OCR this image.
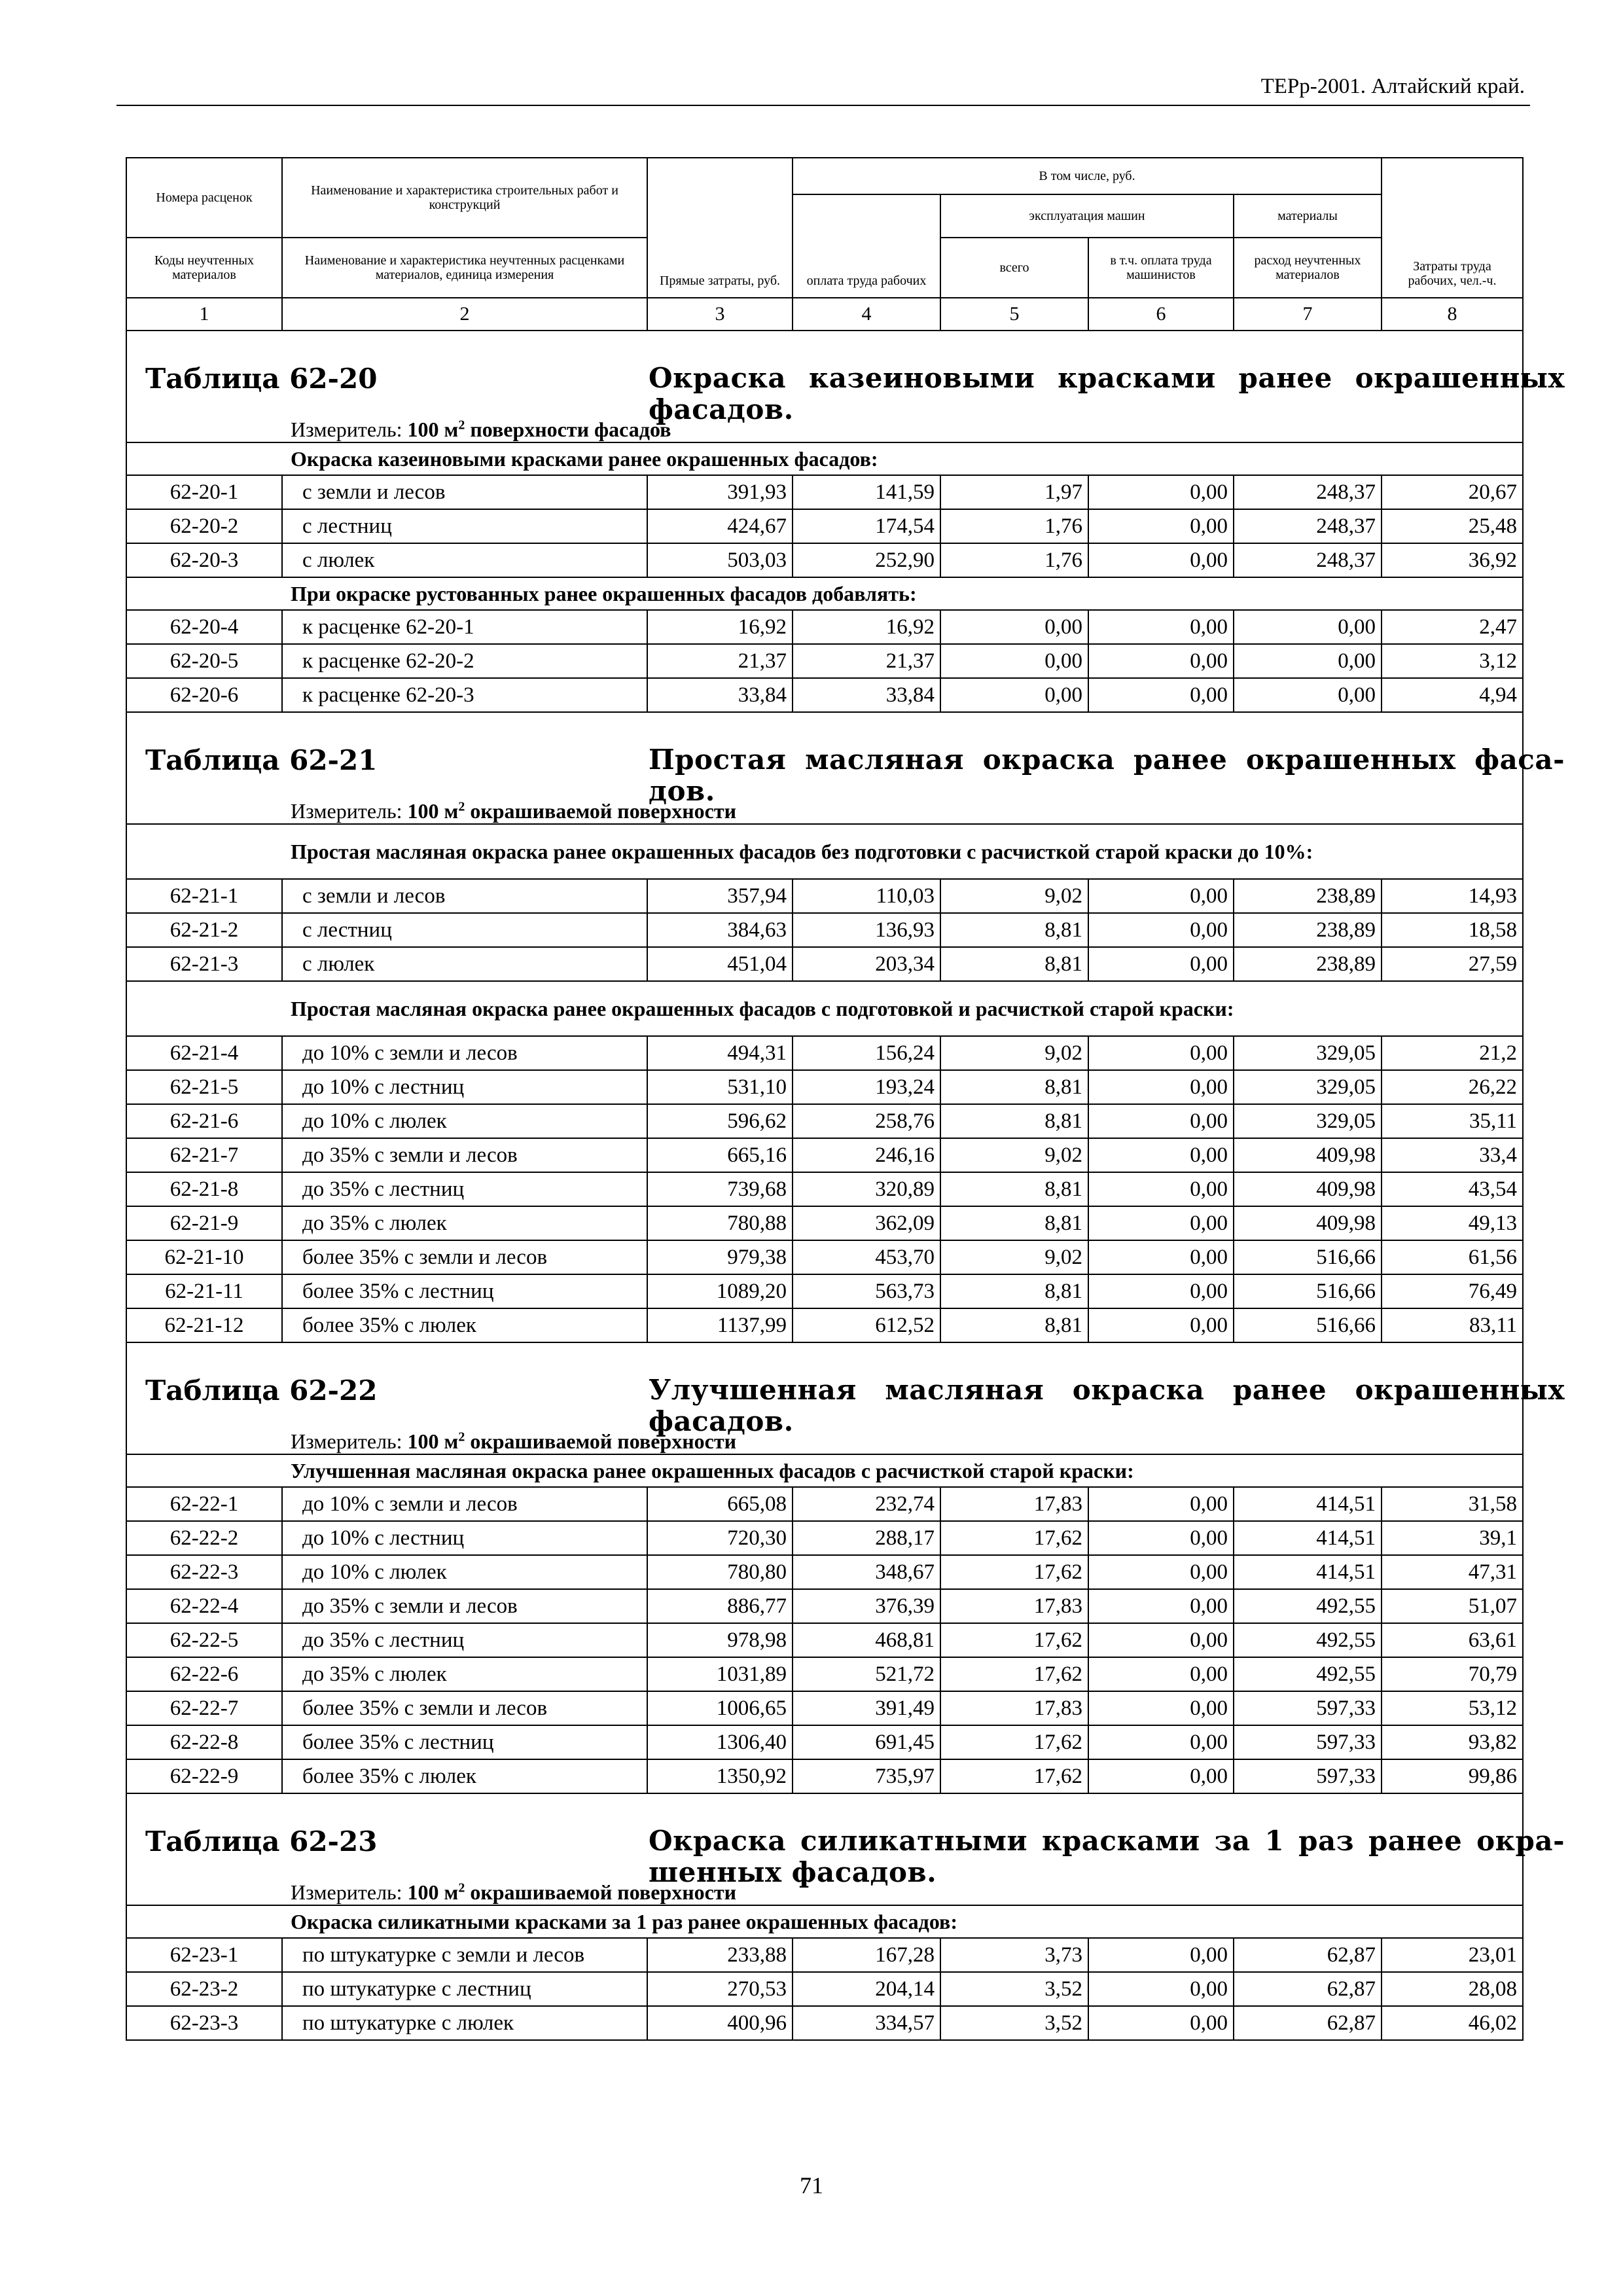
ТЕРр-2001. Алтайский край.
Номера расценок	Наименование и характеристика строительных работ и конструкций	Прямые затраты, руб.	В том числе, руб.				Затраты труда рабочих, чел.-ч.
			оплата труда рабочих	эксплуатация машин		материалы	
Коды неучтенных материалов	Наименование и характеристика неучтенных расценками материалов, единица измерения			всего	в т.ч. оплата труда машинистов	расход неучтенных материалов	
1	2	3	4	5	6	7	8

Таблица 62-20 Окраска казеиновыми красками ранее окрашенных фасадов.							

Измеритель: 100 $м^2$ поверхности фасадов							
Окраска казеиновыми красками ранее окрашенных фасадов:							
62-20-1	с земли и лесов	391,93	141,59	1,97	0,00	248,37	20,67
62-20-2	с лестниц	424,67	174,54	1,76	0,00	248,37	25,48
62-20-3	с люлек	503,03	252,90	1,76	0,00	248,37	36,92
При окраске рустованных ранее окрашенных фасадов добавлять:							
62-20-4	к расценке 62-20-1	16,92	16,92	0,00	0,00	0,00	2,47
62-20-5	к расценке 62-20-2	21,37	21,37	0,00	0,00	0,00	3,12
62-20-6	к расценке 62-20-3	33,84	33,84	0,00	0,00	0,00	4,94

Таблица 62-21 Простая масляная окраска ранее окрашенных фаса-дов.							

Измеритель: 100 $м^2$ окрашиваемой поверхности							
Простая масляная окраска ранее окрашенных фасадов без подготовки с расчисткой старой краски до 10%:							
62-21-1	с земли и лесов	357,94	110,03	9,02	0,00	238,89	14,93
62-21-2	с лестниц	384,63	136,93	8,81	0,00	238,89	18,58
62-21-3	с люлек	451,04	203,34	8,81	0,00	238,89	27,59
Простая масляная окраска ранее окрашенных фасадов с подготовкой и расчисткой старой краски:							
62-21-4	до 10% с земли и лесов	494,31	156,24	9,02	0,00	329,05	21,2
62-21-5	до 10% с лестниц	531,10	193,24	8,81	0,00	329,05	26,22
62-21-6	до 10% с люлек	596,62	258,76	8,81	0,00	329,05	35,11
62-21-7	до 35% с земли и лесов	665,16	246,16	9,02	0,00	409,98	33,4
62-21-8	до 35% с лестниц	739,68	320,89	8,81	0,00	409,98	43,54
62-21-9	до 35% с люлек	780,88	362,09	8,81	0,00	409,98	49,13
62-21-10	более 35% с земли и лесов	979,38	453,70	9,02	0,00	516,66	61,56
62-21-11	более 35% с лестниц	1089,20	563,73	8,81	0,00	516,66	76,49
62-21-12	более 35% с люлек	1137,99	612,52	8,81	0,00	516,66	83,11

Таблица 62-22 Улучшенная масляная окраска ранее окрашенных фасадов.							

Измеритель: 100 $м^2$ окрашиваемой поверхности							
Улучшенная масляная окраска ранее окрашенных фасадов с расчисткой старой краски:							
62-22-1	до 10% с земли и лесов	665,08	232,74	17,83	0,00	414,51	31,58
62-22-2	до 10% с лестниц	720,30	288,17	17,62	0,00	414,51	39,1
62-22-3	до 10% с люлек	780,80	348,67	17,62	0,00	414,51	47,31
62-22-4	до 35% с земли и лесов	886,77	376,39	17,83	0,00	492,55	51,07
62-22-5	до 35% с лестниц	978,98	468,81	17,62	0,00	492,55	63,61
62-22-6	до 35% с люлек	1031,89	521,72	17,62	0,00	492,55	70,79
62-22-7	более 35% с земли и лесов	1006,65	391,49	17,83	0,00	597,33	53,12
62-22-8	более 35% с лестниц	1306,40	691,45	17,62	0,00	597,33	93,82
62-22-9	более 35% с люлек	1350,92	735,97	17,62	0,00	597,33	99,86

Таблица 62-23 Окраска силикатными красками за 1 раз ранее окра-шенных фасадов.							

Измеритель: 100 $м^2$ окрашиваемой поверхности							
Окраска силикатными красками за 1 раз ранее окрашенных фасадов:							
62-23-1	по штукатурке с земли и лесов	233,88	167,28	3,73	0,00	62,87	23,01
62-23-2	по штукатурке с лестниц	270,53	204,14	3,52	0,00	62,87	28,08
62-23-3	по штукатурке с люлек	400,96	334,57	3,52	0,00	62,87	46,02
71
